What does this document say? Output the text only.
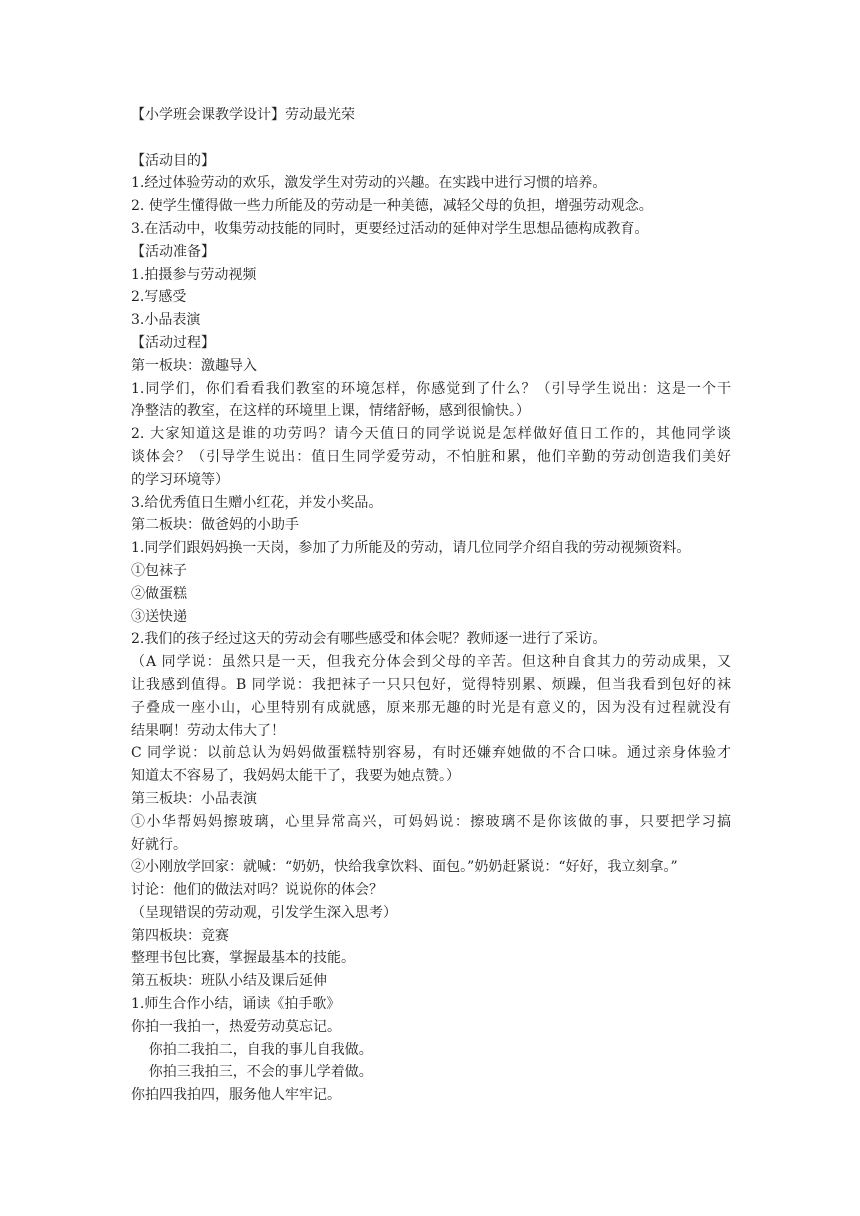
【小学班会课教学设计】劳动最光荣
【活动目的】
1.经过体验劳动的欢乐，激发学生对劳动的兴趣。在实践中进行习惯的培养。
2. 使学生懂得做一些力所能及的劳动是一种美德，减轻父母的负担，增强劳动观念。
3.在活动中，收集劳动技能的同时，更要经过活动的延伸对学生思想品德构成教育。
【活动准备】
1.拍摄参与劳动视频
2.写感受
3.小品表演
【活动过程】
第一板块：激趣导入
1.同学们，你们看看我们教室的环境怎样，你感觉到了什么？（引导学生说出：这是一个干
净整洁的教室，在这样的环境里上课，情绪舒畅，感到很愉快。）
2. 大家知道这是谁的功劳吗？请今天值日的同学说说是怎样做好值日工作的，其他同学谈
谈体会？（引导学生说出：值日生同学爱劳动，不怕脏和累，他们辛勤的劳动创造我们美好
的学习环境等）
3.给优秀值日生赠小红花，并发小奖品。
第二板块：做爸妈的小助手
1.同学们跟妈妈换一天岗，参加了力所能及的劳动，请几位同学介绍自我的劳动视频资料。
①包袜子
②做蛋糕
③送快递
2.我们的孩子经过这天的劳动会有哪些感受和体会呢？教师逐一进行了采访。
（A 同学说：虽然只是一天，但我充分体会到父母的辛苦。但这种自食其力的劳动成果，又
让我感到值得。B 同学说：我把袜子一只只包好，觉得特别累、烦躁，但当我看到包好的袜
子叠成一座小山，心里特别有成就感，原来那无趣的时光是有意义的，因为没有过程就没有
结果啊！劳动太伟大了！
C 同学说：以前总认为妈妈做蛋糕特别容易，有时还嫌弃她做的不合口味。通过亲身体验才
知道太不容易了，我妈妈太能干了，我要为她点赞。）
第三板块：小品表演
①小华帮妈妈擦玻璃，心里异常高兴，可妈妈说：擦玻璃不是你该做的事，只要把学习搞
好就行。
②小刚放学回家：就喊：“奶奶，快给我拿饮料、面包。”奶奶赶紧说：“好好，我立刻拿。”
讨论：他们的做法对吗？说说你的体会？
（呈现错误的劳动观，引发学生深入思考）
第四板块：竞赛
整理书包比赛，掌握最基本的技能。
第五板块：班队小结及课后延伸
1.师生合作小结，诵读《拍手歌》
你拍一我拍一，热爱劳动莫忘记。
你拍二我拍二，自我的事儿自我做。
你拍三我拍三，不会的事儿学着做。
你拍四我拍四，服务他人牢牢记。
